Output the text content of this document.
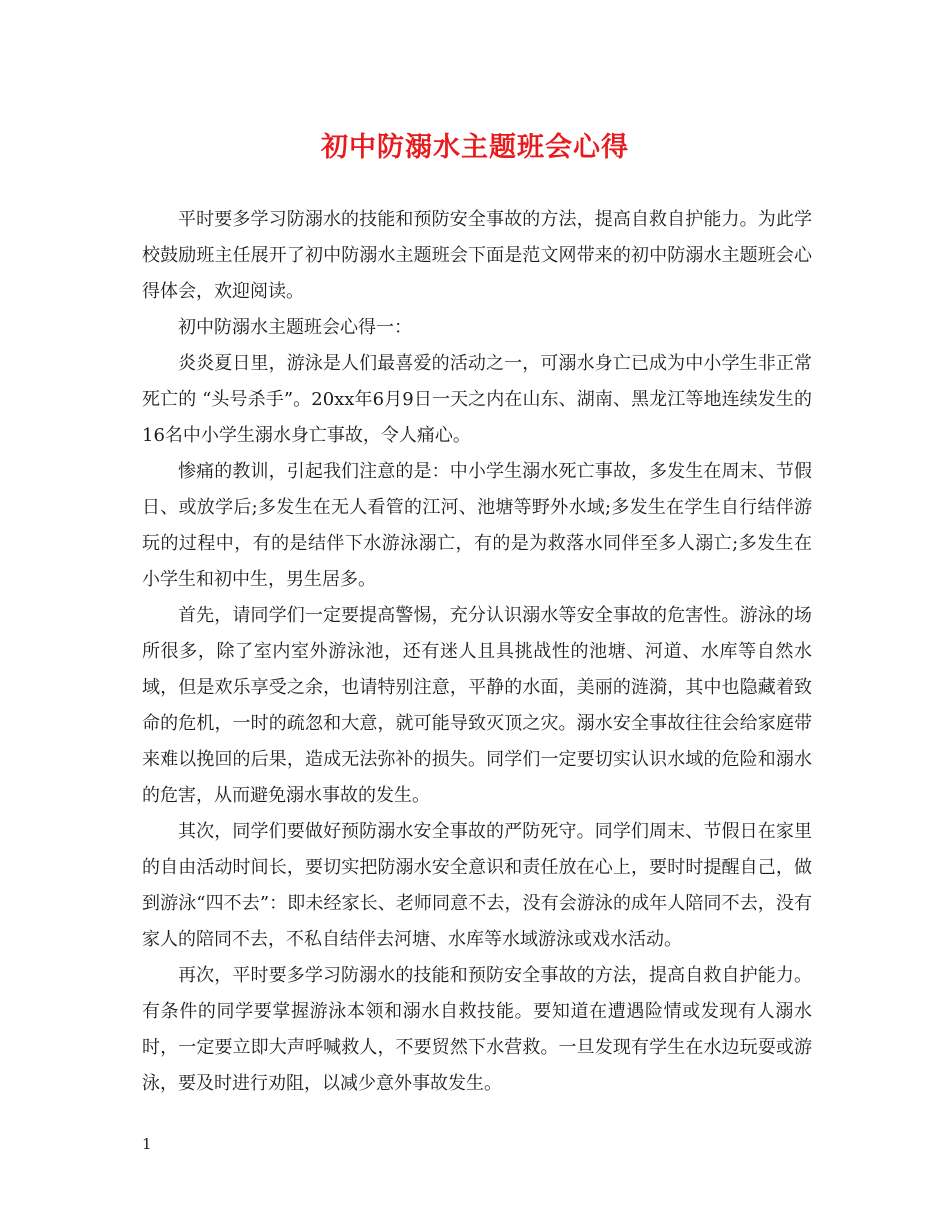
初中防溺水主题班会心得

平时要多学习防溺水的技能和预防安全事故的方法，提高自救自护能力。为此学校鼓励班主任展开了初中防溺水主题班会下面是范文网带来的初中防溺水主题班会心得体会，欢迎阅读。

初中防溺水主题班会心得一：

炎炎夏日里，游泳是人们最喜爱的活动之一，可溺水身亡已成为中小学生非正常死亡的 “头号杀手”。20xx年6月9日一天之内在山东、湖南、黑龙江等地连续发生的16名中小学生溺水身亡事故，令人痛心。

惨痛的教训，引起我们注意的是：中小学生溺水死亡事故，多发生在周末、节假日、或放学后;多发生在无人看管的江河、池塘等野外水域;多发生在学生自行结伴游玩的过程中，有的是结伴下水游泳溺亡，有的是为救落水同伴至多人溺亡;多发生在小学生和初中生，男生居多。

首先，请同学们一定要提高警惕，充分认识溺水等安全事故的危害性。游泳的场所很多，除了室内室外游泳池，还有迷人且具挑战性的池塘、河道、水库等自然水域，但是欢乐享受之余，也请特别注意，平静的水面，美丽的涟漪，其中也隐藏着致命的危机，一时的疏忽和大意，就可能导致灭顶之灾。溺水安全事故往往会给家庭带来难以挽回的后果，造成无法弥补的损失。同学们一定要切实认识水域的危险和溺水的危害，从而避免溺水事故的发生。

其次，同学们要做好预防溺水安全事故的严防死守。同学们周末、节假日在家里的自由活动时间长，要切实把防溺水安全意识和责任放在心上，要时时提醒自己，做到游泳“四不去”：即未经家长、老师同意不去，没有会游泳的成年人陪同不去，没有家人的陪同不去，不私自结伴去河塘、水库等水域游泳或戏水活动。

再次，平时要多学习防溺水的技能和预防安全事故的方法，提高自救自护能力。有条件的同学要掌握游泳本领和溺水自救技能。要知道在遭遇险情或发现有人溺水时，一定要立即大声呼喊救人，不要贸然下水营救。一旦发现有学生在水边玩耍或游泳，要及时进行劝阻，以减少意外事故发生。

1
